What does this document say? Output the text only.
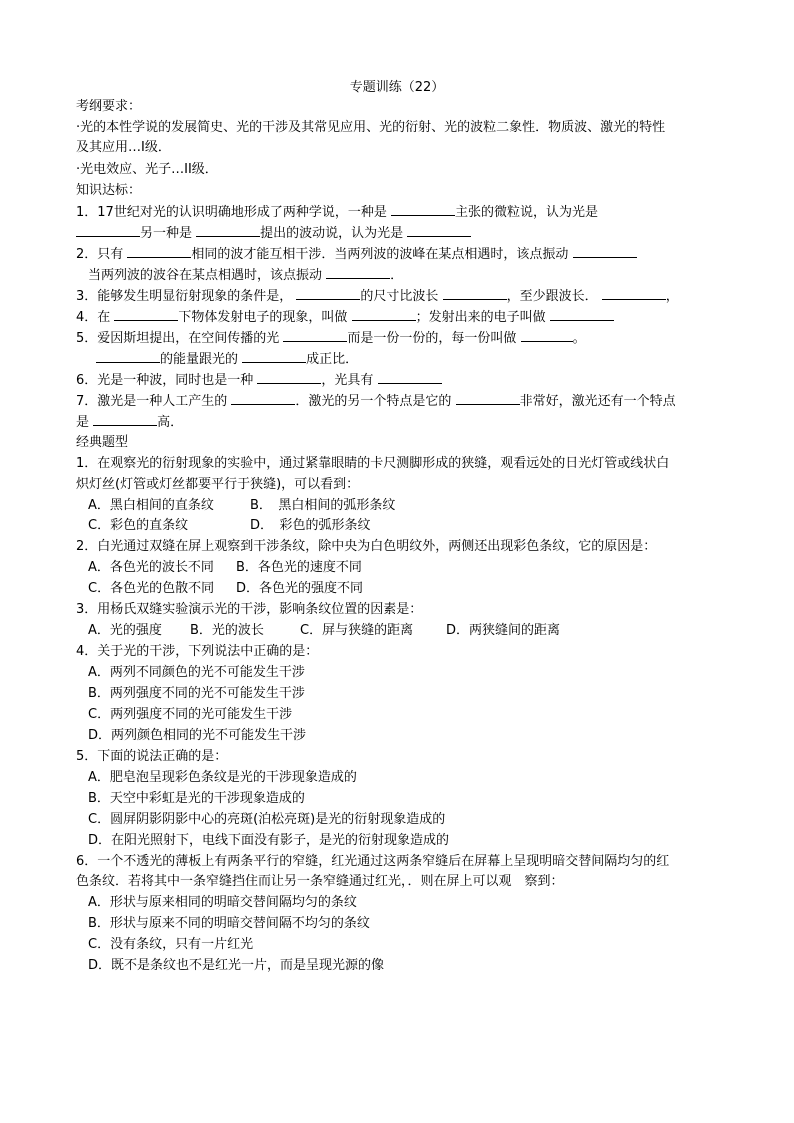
专题训练（22）
考纲要求：
·光的本性学说的发展简史、光的干涉及其常见应用、光的衍射、光的波粒二象性．物质波、激光的特性
及其应用…I级．
·光电效应、光子…II级．
知识达标：
1．17世纪对光的认识明确地形成了两种学说，一种是	主张的微粒说，认为光是
另一种是	提出的波动说，认为光是
2．只有	相同的波才能互相干涉．当两列波的波峰在某点相遇时，该点振动
当两列波的波谷在某点相遇时，该点振动	．
3．能够发生明显衍射现象的条件是，	的尺寸比波长	，至少跟波长．	，
4．在	下物体发射电子的现象，叫做	；发射出来的电子叫做
5．爱因斯坦提出，在空间传播的光	而是一份一份的，每一份叫做	。
的能量跟光的	成正比．
6．光是一种波，同时也是一种	，光具有
7．激光是一种人工产生的	．激光的另一个特点是它的	非常好，激光还有一个特点
是	高．
经典题型
1．在观察光的衍射现象的实验中，通过紧靠眼睛的卡尺测脚形成的狭缝，观看远处的日光灯管或线状白
炽灯丝(灯管或灯丝都要平行于狭缝)，可以看到：
A．黑白相间的直条纹	B．　黑白相间的弧形条纹
C．彩色的直条纹	D．　彩色的弧形条纹
2．白光通过双缝在屏上观察到干涉条纹，除中央为白色明纹外，两侧还出现彩色条纹，它的原因是：
A．各色光的波长不同 B．各色光的速度不同
C．各色光的色散不同 D．各色光的强度不同
3．用杨氏双缝实验演示光的干涉，影响条纹位置的因素是：
A．光的强度 B．光的波长	C．屏与狭缝的距离	D．两狭缝间的距离
4．关于光的干涉，下列说法中正确的是：
A．两列不同颜色的光不可能发生干涉
B．两列强度不同的光不可能发生干涉
C．两列强度不同的光可能发生干涉
D．两列颜色相同的光不可能发生干涉
5．下面的说法正确的是：
A．肥皂泡呈现彩色条纹是光的干涉现象造成的
B．天空中彩虹是光的干涉现象造成的
C．圆屏阴影阴影中心的亮斑(泊松亮斑)是光的衍射现象造成的
D．在阳光照射下，电线下面没有影子，是光的衍射现象造成的
6．一个不透光的薄板上有两条平行的窄缝，红光通过这两条窄缝后在屏幕上呈现明暗交替间隔均匀的红
色条纹．若将其中一条窄缝挡住而让另一条窄缝通过红光，．则在屏上可以观　察到：
A．形状与原来相同的明暗交替间隔均匀的条纹
B．形状与原来不同的明暗交替间隔不均匀的条纹
C．没有条纹，只有一片红光
D．既不是条纹也不是红光一片，而是呈现光源的像
